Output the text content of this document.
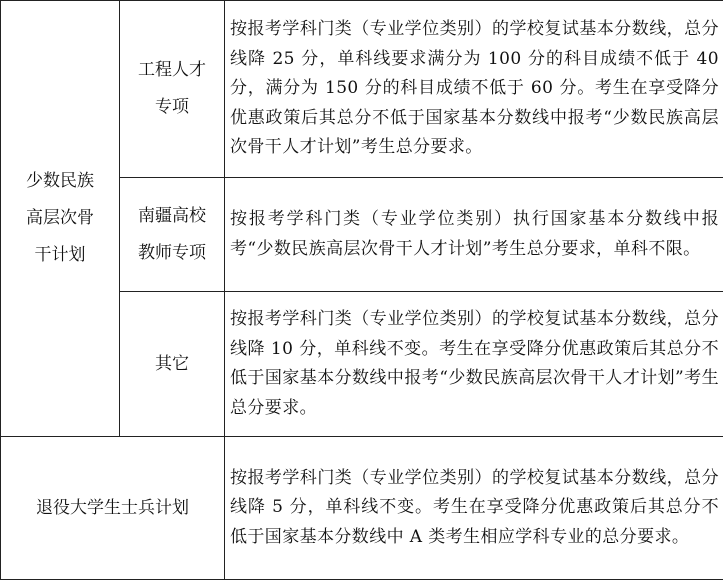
少数民族高层次骨干计划	工程人才专项	按报考学科门类（专业学位类别）的学校复试基本分数线，总分线降 25 分，单科线要求满分为 100 分的科目成绩不低于 40 分，满分为 150 分的科目成绩不低于 60 分。考生在享受降分优惠政策后其总分不低于国家基本分数线中报考“少数民族高层次骨干人才计划”考生总分要求。

	南疆高校教师专项	按报考学科门类（专业学位类别）执行国家基本分数线中报考“少数民族高层次骨干人才计划”考生总分要求，单科不限。

	其它	按报考学科门类（专业学位类别）的学校复试基本分数线，总分线降 10 分，单科线不变。考生在享受降分优惠政策后其总分不低于国家基本分数线中报考“少数民族高层次骨干人才计划”考生总分要求。

退役大学生士兵计划		按报考学科门类（专业学位类别）的学校复试基本分数线，总分线降 5 分，单科线不变。考生在享受降分优惠政策后其总分不低于国家基本分数线中 A 类考生相应学科专业的总分要求。
